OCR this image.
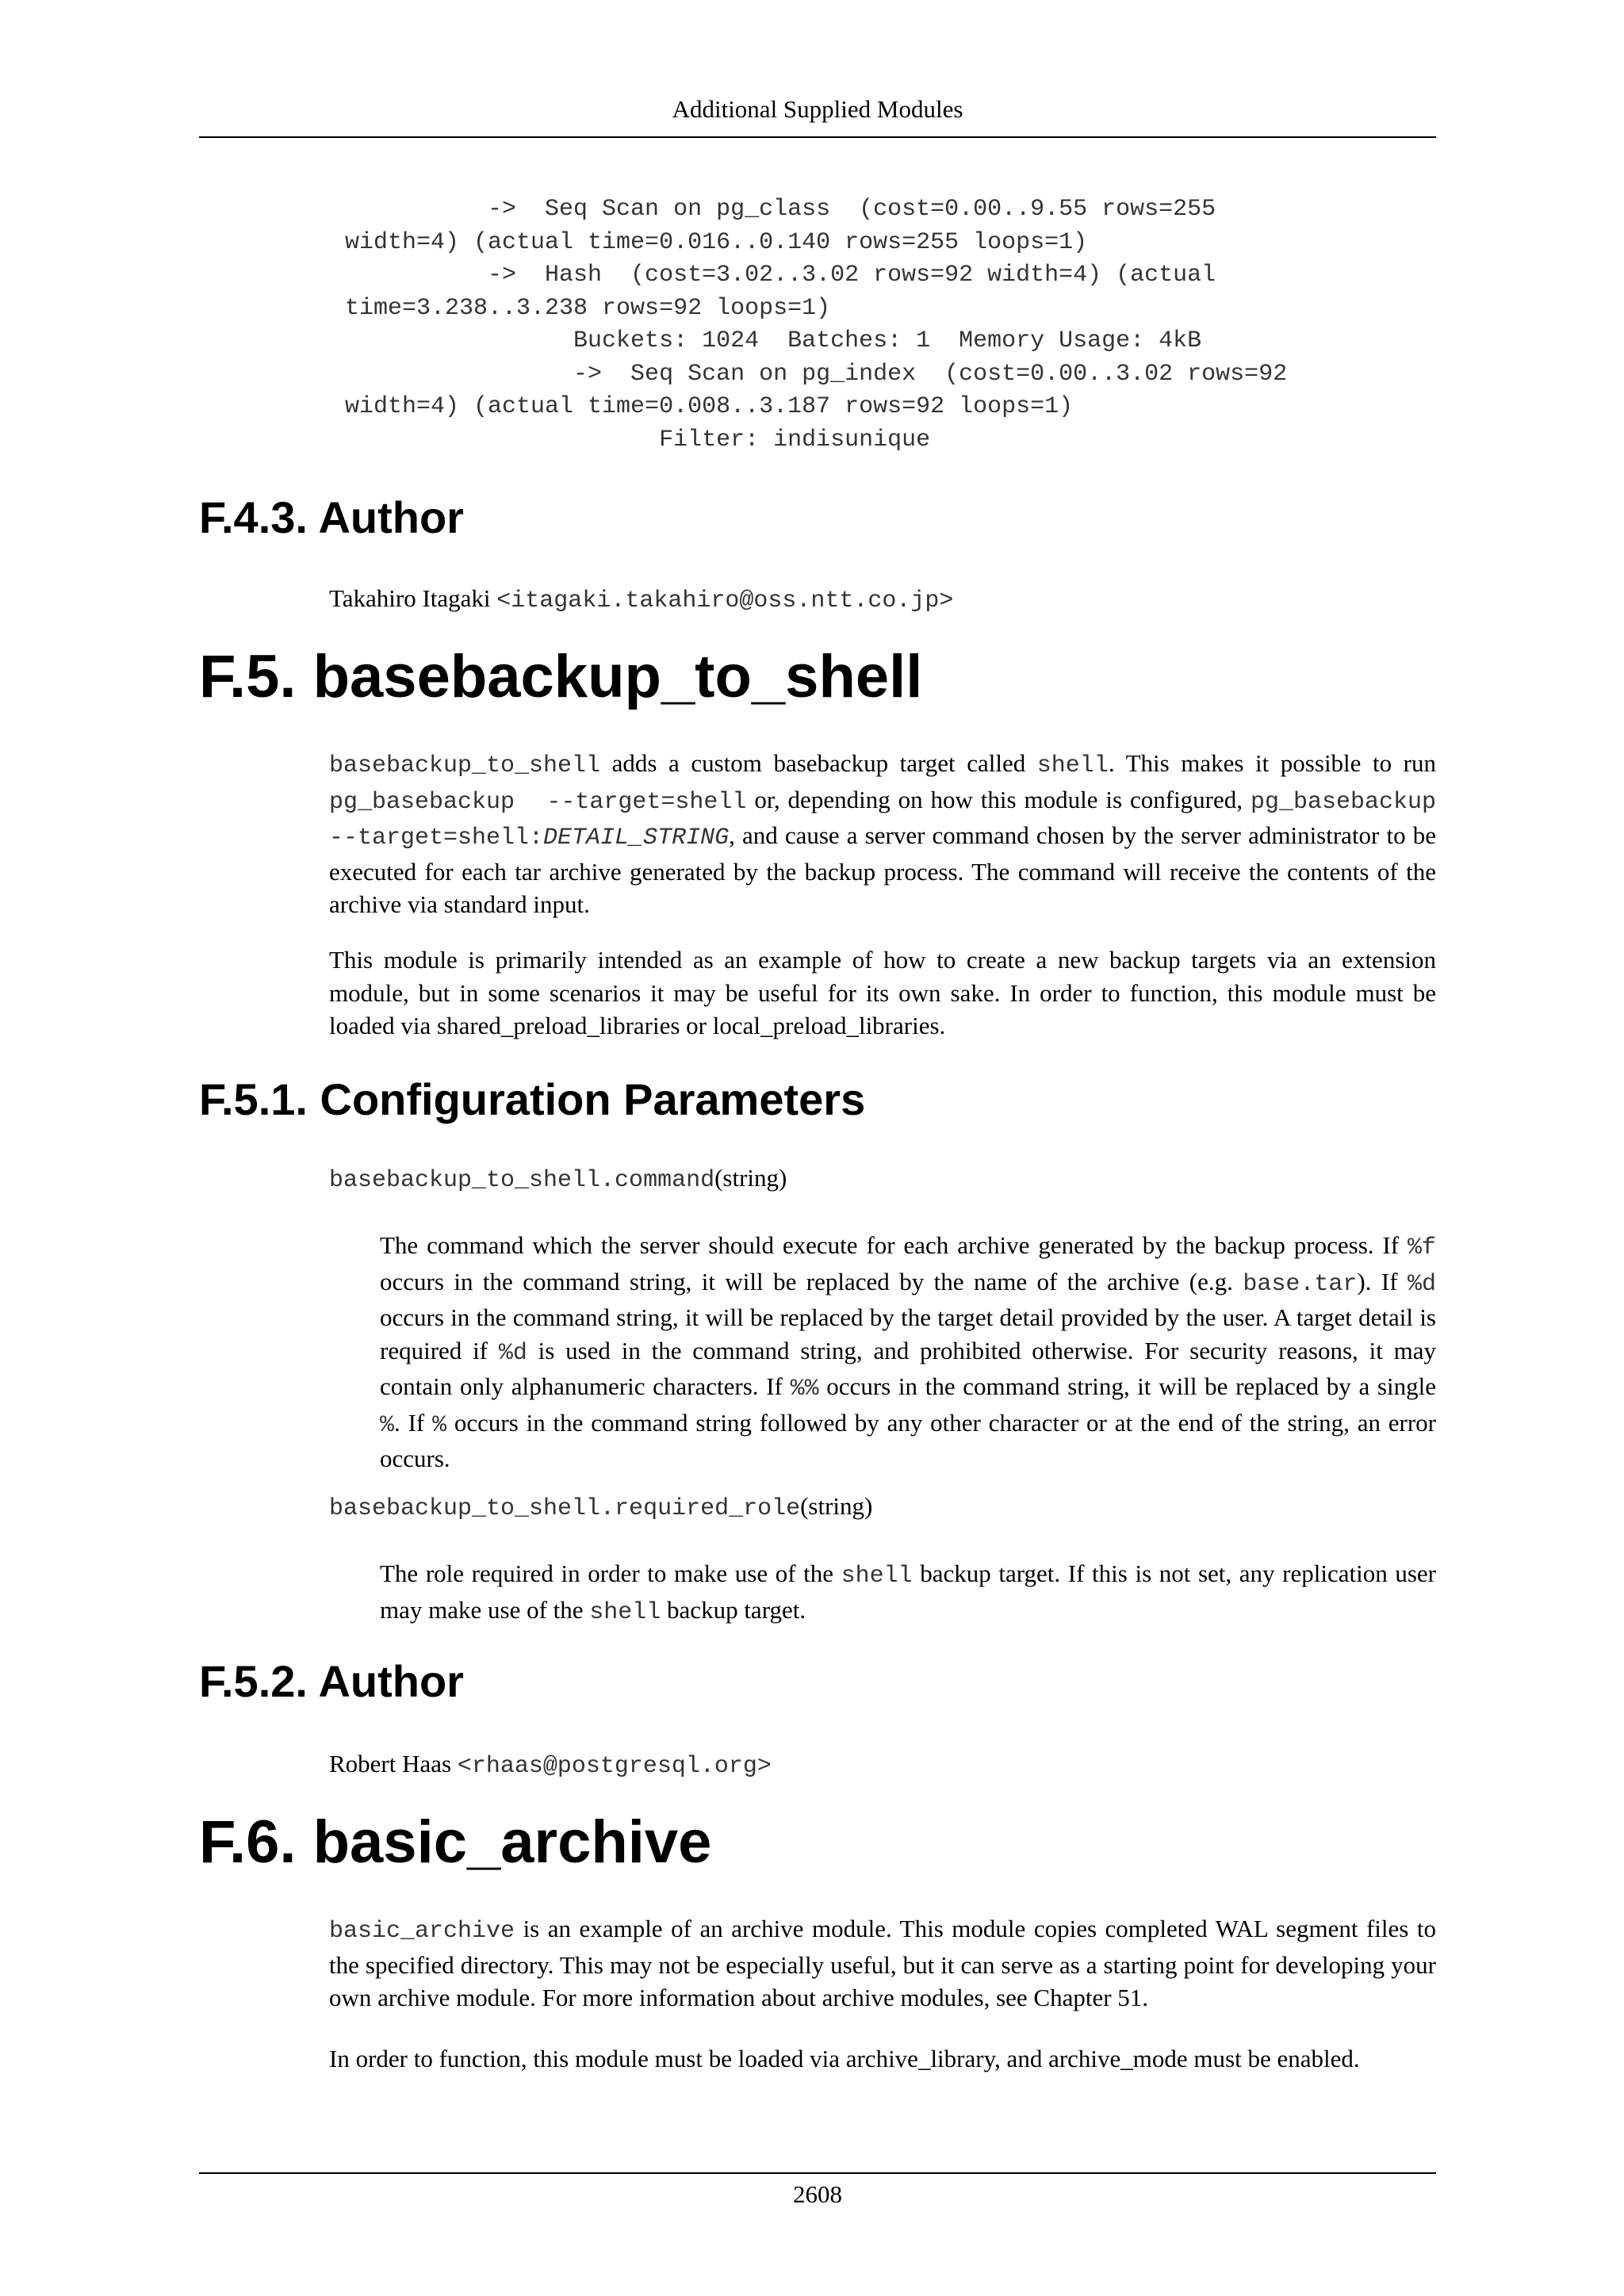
Additional Supplied Modules
->  Seq Scan on pg_class  (cost=0.00..9.55 rows=255
width=4) (actual time=0.016..0.140 rows=255 loops=1)
->  Hash  (cost=3.02..3.02 rows=92 width=4) (actual
time=3.238..3.238 rows=92 loops=1)
Buckets: 1024  Batches: 1  Memory Usage: 4kB
->  Seq Scan on pg_index  (cost=0.00..3.02 rows=92
width=4) (actual time=0.008..3.187 rows=92 loops=1)
Filter: indisunique
F.4.3. Author

Takahiro Itagaki <itagaki.takahiro@oss.ntt.co.jp>

F.5. basebackup_to_shell

basebackup_to_shell adds a custom basebackup target called shell. This makes it possible to run pg_basebackup  --target=shell or, depending on how this module is configured, pg_basebackup --target=shell:DETAIL_STRING, and cause a server command chosen by the server administrator to be executed for each tar archive generated by the backup process. The command will receive the contents of the archive via standard input.

This module is primarily intended as an example of how to create a new backup targets via an extension module, but in some scenarios it may be useful for its own sake. In order to function, this module must be loaded via shared_preload_libraries or local_preload_libraries.

F.5.1. Configuration Parameters

basebackup_to_shell.command(string)

The command which the server should execute for each archive generated by the backup process. If %f occurs in the command string, it will be replaced by the name of the archive (e.g. base.tar). If %d occurs in the command string, it will be replaced by the target detail provided by the user. A target detail is required if %d is used in the command string, and prohibited otherwise. For security reasons, it may contain only alphanumeric characters. If %% occurs in the command string, it will be replaced by a single %. If % occurs in the command string followed by any other character or at the end of the string, an error occurs.

basebackup_to_shell.required_role(string)

The role required in order to make use of the shell backup target. If this is not set, any replication user may make use of the shell backup target.

F.5.2. Author

Robert Haas <rhaas@postgresql.org>

F.6. basic_archive

basic_archive is an example of an archive module. This module copies completed WAL segment files to the specified directory. This may not be especially useful, but it can serve as a starting point for developing your own archive module. For more information about archive modules, see Chapter 51.

In order to function, this module must be loaded via archive_library, and archive_mode must be enabled.

2608
